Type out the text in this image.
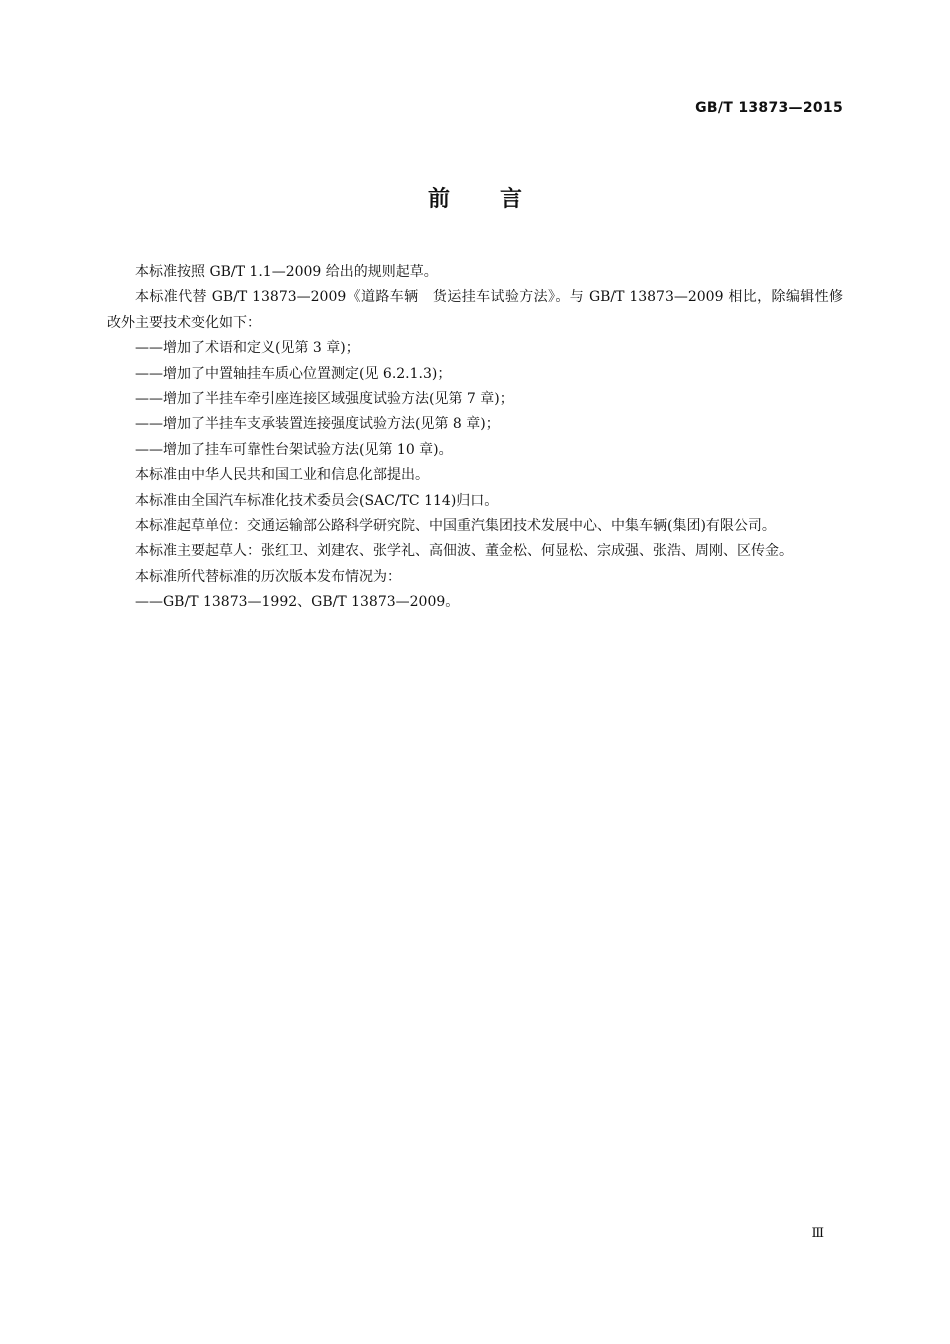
GB/T 13873—2015
前言

本标准按照 GB/T 1.1—2009 给出的规则起草。

本标准代替 GB/T 13873—2009《道路车辆　货运挂车试验方法》。与 GB/T 13873—2009 相比，除编辑性修改外主要技术变化如下：

——增加了术语和定义(见第 3 章)；

——增加了中置轴挂车质心位置测定(见 6.2.1.3)；

——增加了半挂车牵引座连接区域强度试验方法(见第 7 章)；

——增加了半挂车支承装置连接强度试验方法(见第 8 章)；

——增加了挂车可靠性台架试验方法(见第 10 章)。

本标准由中华人民共和国工业和信息化部提出。

本标准由全国汽车标准化技术委员会(SAC/TC 114)归口。

本标准起草单位：交通运输部公路科学研究院、中国重汽集团技术发展中心、中集车辆(集团)有限公司。

本标准主要起草人：张红卫、刘建农、张学礼、高佃波、董金松、何显松、宗成强、张浩、周刚、区传金。

本标准所代替标准的历次版本发布情况为：

——GB/T 13873—1992、GB/T 13873—2009。

Ⅲ
